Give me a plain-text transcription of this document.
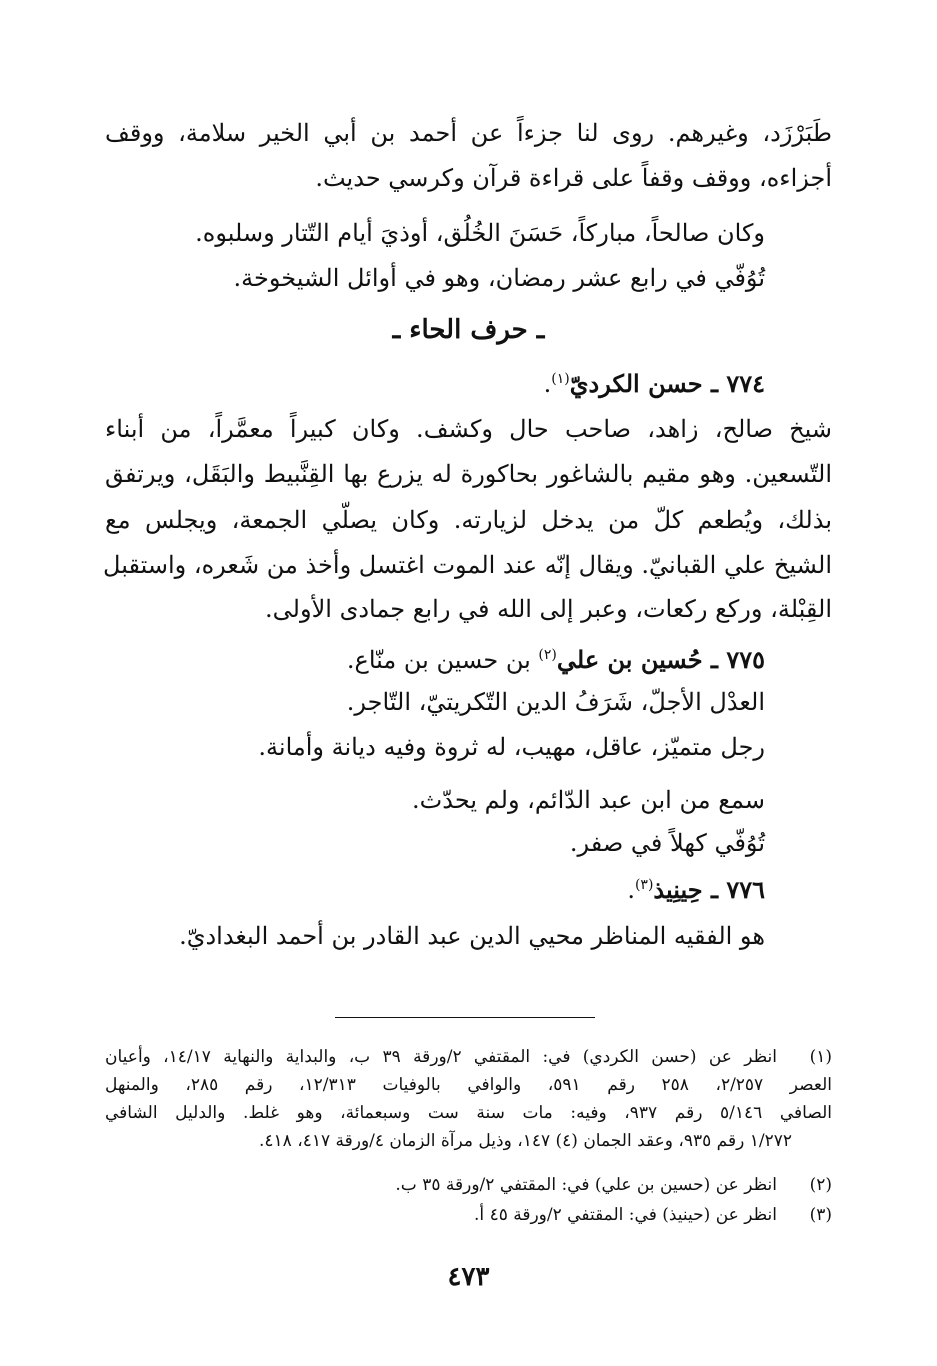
طَبَرْزَد، وغيرهم. روى لنا جزءاً عن أحمد بن أبي الخير سلامة، ووقف
أجزاءه، ووقف وقفاً على قراءة قرآن وكرسي حديث.
وكان صالحاً، مباركاً، حَسَنَ الخُلُق، أوذيَ أيام التّتار وسلبوه.
تُوُفّي في رابع عشر رمضان، وهو في أوائل الشيخوخة.
ـ حرف الحاء ـ
٧٧٤ ـ حسن الكرديّ$^{(١)}$.
شيخ صالح، زاهد، صاحب حال وكشف. وكان كبيراً معمَّراً، من أبناء
التّسعين. وهو مقيم بالشاغور بحاكورة له يزرع بها القِنَّبيط والبَقَل، ويرتفق
بذلك، ويُطعم كلّ من يدخل لزيارته. وكان يصلّي الجمعة، ويجلس مع
الشيخ علي القبانيّ. ويقال إنّه عند الموت اغتسل وأخذ من شَعره، واستقبل
القِبْلة، وركع ركعات، وعبر إلى الله في رابع جمادى الأولى.
٧٧٥ ـ حُسين بن علي$^{(٢)}$ بن حسين بن منّاع.
العدْل الأجلّ، شَرَفُ الدين التّكريتيّ، التّاجر.
رجل متميّز، عاقل، مهيب، له ثروة وفيه ديانة وأمانة.
سمع من ابن عبد الدّائم، ولم يحدّث.
تُوُفّي كهلاً في صفر.
٧٧٦ ـ حِينِيذ$^{(٣)}$.
هو الفقيه المناظر محيي الدين عبد القادر بن أحمد البغداديّ.
(١)
انظر عن (حسن الكردي) في: المقتفي ٢/ورقة ٣٩ ب، والبداية والنهاية ١٤/١٧، وأعيان
العصر ٢/٢٥٧، ٢٥٨ رقم ٥٩١، والوافي بالوفيات ١٢/٣١٣، رقم ٢٨٥، والمنهل
الصافي ٥/١٤٦ رقم ٩٣٧، وفيه: مات سنة ست وسبعمائة، وهو غلط. والدليل الشافي
١/٢٧٢ رقم ٩٣٥، وعقد الجمان (٤) ١٤٧، وذيل مرآة الزمان ٤/ورقة ٤١٧، ٤١٨.
(٢)
انظر عن (حسين بن علي) في: المقتفي ٢/ورقة ٣٥ ب.
(٣)
انظر عن (حينيذ) في: المقتفي ٢/ورقة ٤٥ أ.
٤٧٣
